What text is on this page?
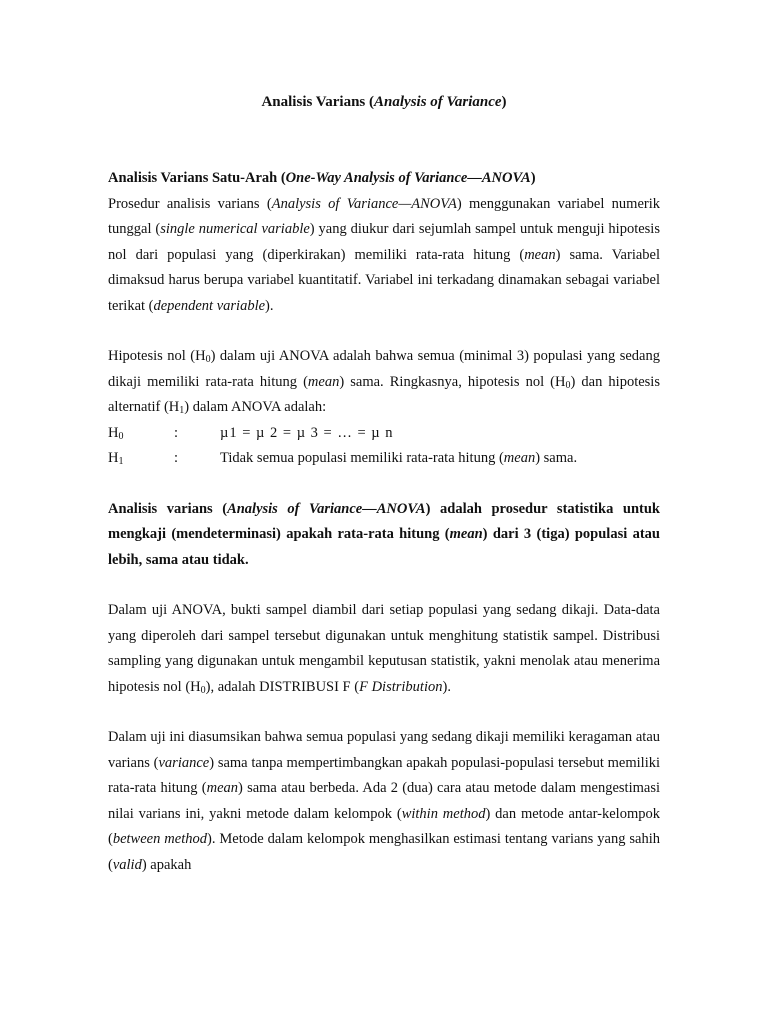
Analisis Varians (Analysis of Variance)

Analisis Varians Satu-Arah (One-Way Analysis of Variance—ANOVA)

Prosedur analisis varians (Analysis of Variance—ANOVA) menggunakan variabel numerik tunggal (single numerical variable) yang diukur dari sejumlah sampel untuk menguji hipotesis nol dari populasi yang (diperkirakan) memiliki rata-rata hitung (mean) sama. Variabel dimaksud harus berupa variabel kuantitatif. Variabel ini terkadang dinamakan sebagai variabel terikat (dependent variable).

Hipotesis nol $(H_0)$ dalam uji ANOVA adalah bahwa semua (minimal 3) populasi yang sedang dikaji memiliki rata-rata hitung (mean) sama. Ringkasnya, hipotesis nol $(H_0)$ dan hipotesis alternatif $(H_1)$ dalam ANOVA adalah:

$H_0$	:	µ1 = µ 2 = µ 3 = … = µ n
$H_1$	:	Tidak semua populasi memiliki rata-rata hitung (mean) sama.

Analisis varians (Analysis of Variance—ANOVA) adalah prosedur statistika untuk mengkaji (mendeterminasi) apakah rata-rata hitung (mean) dari 3 (tiga) populasi atau lebih, sama atau tidak.

Dalam uji ANOVA, bukti sampel diambil dari setiap populasi yang sedang dikaji. Data-data yang diperoleh dari sampel tersebut digunakan untuk menghitung statistik sampel. Distribusi sampling yang digunakan untuk mengambil keputusan statistik, yakni menolak atau menerima hipotesis nol $(H_0)$, adalah DISTRIBUSI F (F Distribution).

Dalam uji ini diasumsikan bahwa semua populasi yang sedang dikaji memiliki keragaman atau varians (variance) sama tanpa mempertimbangkan apakah populasi-populasi tersebut memiliki rata-rata hitung (mean) sama atau berbeda. Ada 2 (dua) cara atau metode dalam mengestimasi nilai varians ini, yakni metode dalam kelompok (within method) dan metode antar-kelompok (between method). Metode dalam kelompok menghasilkan estimasi tentang varians yang sahih (valid) apakah
